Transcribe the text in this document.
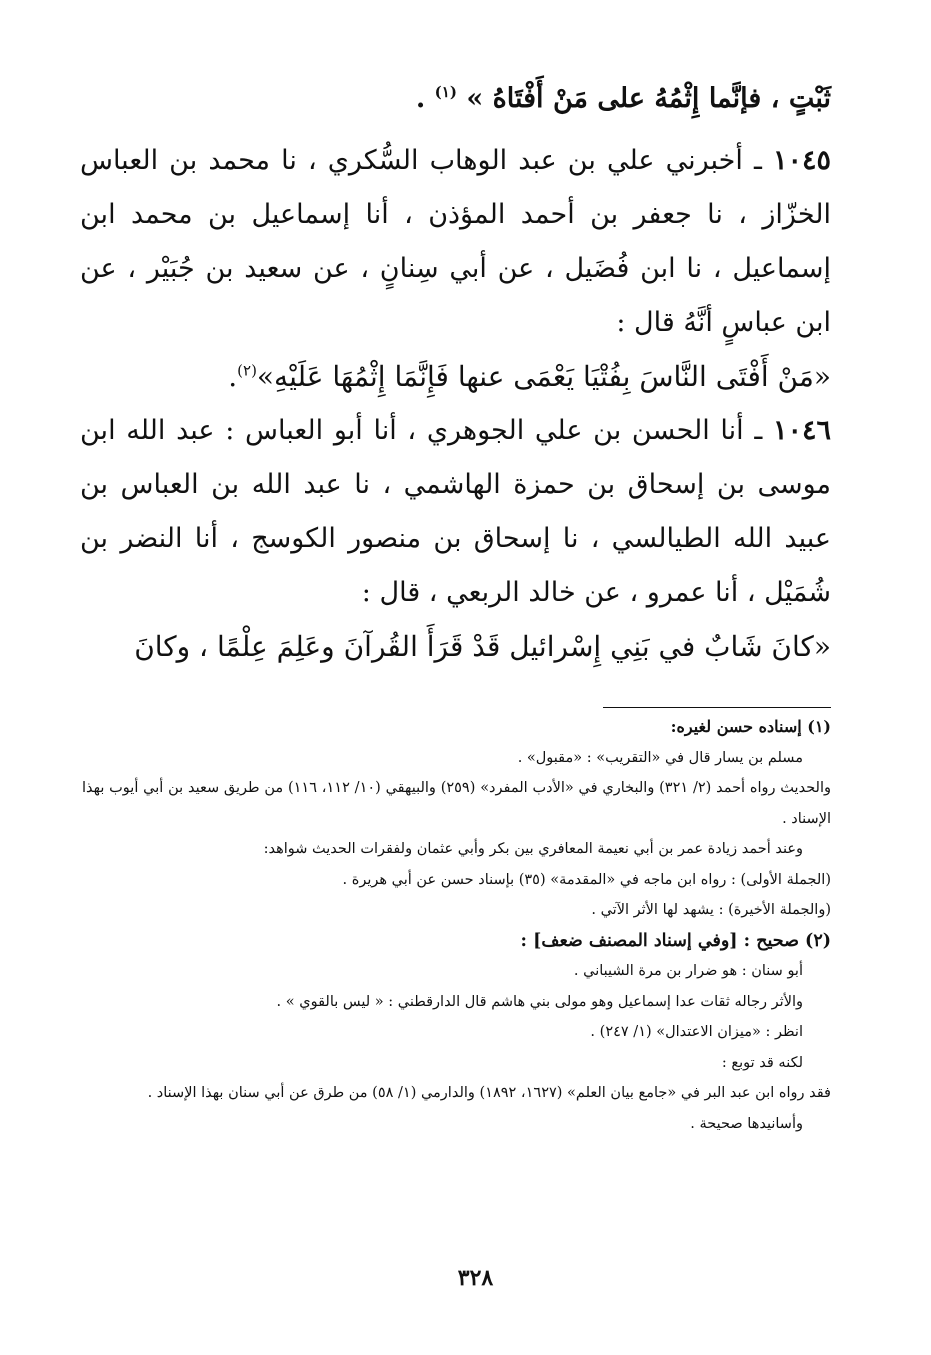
ثَبْتٍ ، فإنَّما إِثْمُهُ على مَنْ أَفْتَاهُ » $^{(١)}$ .

١٠٤٥ ـ أخبرني علي بن عبد الوهاب السُّكري ، نا محمد بن العباس الخزّاز ، نا جعفر بن أحمد المؤذن ، أنا إسماعيل بن محمد ابن إسماعيل ، نا ابن فُضَيل ، عن أبي سِنانٍ ، عن سعيد بن جُبَيْر ، عن ابن عباسٍ أنَّهُ قال :

«مَنْ أَفْتَى النَّاسَ بِفُتْيَا يَعْمَى عنها فَإِنَّمَا إِثْمُهَا عَلَيْهِ»$^{(٢)}$.

١٠٤٦ ـ أنا الحسن بن علي الجوهري ، أنا أبو العباس : عبد الله ابن موسى بن إسحاق بن حمزة الهاشمي ، نا عبد الله بن العباس بن عبيد الله الطيالسي ، نا إسحاق بن منصور الكوسج ، أنا النضر بن شُمَيْل ، أنا عمرو ، عن خالد الربعي ، قال :

«كانَ شَابٌ في بَنِي إِسْرائيل قَدْ قَرَأَ القُرآنَ وعَلِمَ عِلْمًا ، وكانَ

(١) إسناده حسن لغيره:

مسلم بن يسار قال في «التقريب» : «مقبول» .

والحديث رواه أحمد (٢/ ٣٢١) والبخاري في «الأدب المفرد» (٢٥٩) والبيهقي (١٠/ ١١٢، ١١٦) من طريق سعيد بن أبي أيوب بهذا الإسناد .

وعند أحمد زيادة عمر بن أبي نعيمة المعافري بين بكر وأبي عثمان ولفقرات الحديث شواهد:

(الجملة الأولى) : رواه ابن ماجه في «المقدمة» (٣٥) بإسناد حسن عن أبي هريرة .

(والجملة الأخيرة) : يشهد لها الأثر الآتي .

(٢) صحيح : [وفي إسناد المصنف ضعف] :

أبو سنان : هو ضرار بن مرة الشيباني .

والأثر رجاله ثقات عدا إسماعيل وهو مولى بني هاشم قال الدارقطني : « ليس بالقوي » .

انظر : «ميزان الاعتدال» (١/ ٢٤٧) .

لكنه قد توبع :

فقد رواه ابن عبد البر في «جامع بيان العلم» (١٦٢٧، ١٨٩٢) والدارمي (١/ ٥٨) من طرق عن أبي سنان بهذا الإسناد .

وأسانيدها صحيحة .

٣٢٨
